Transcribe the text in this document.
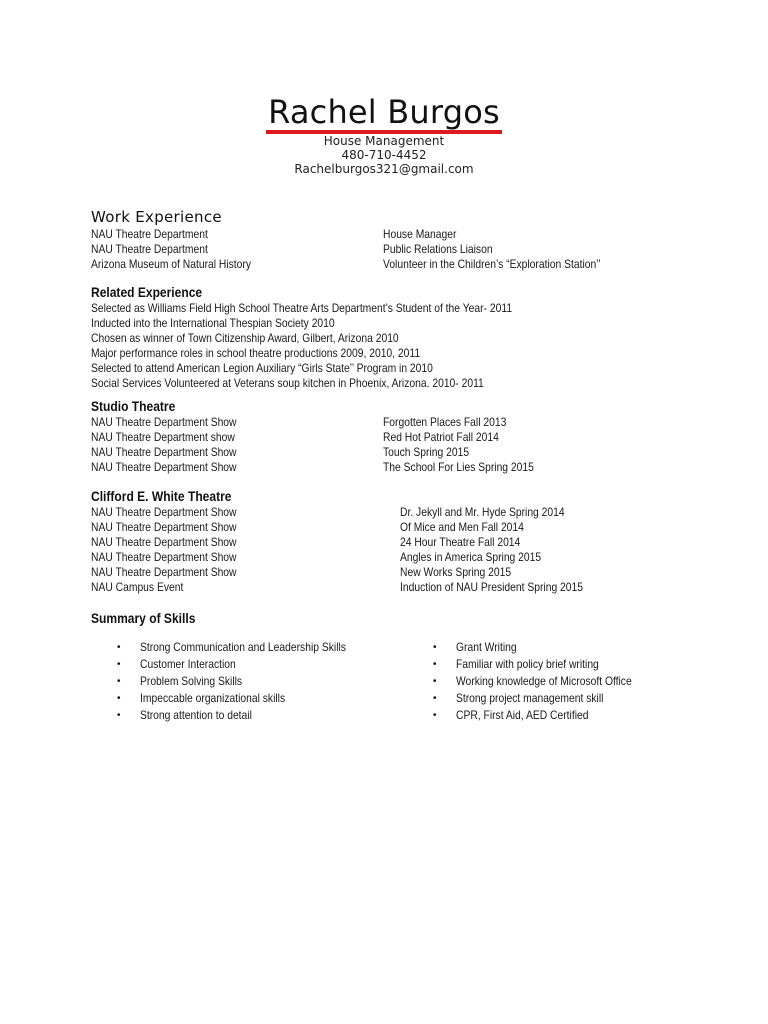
Rachel Burgos
House Management
480-710-4452
Rachelburgos321@gmail.com
Work Experience
NAU Theatre Department	House Manager
NAU Theatre Department	Public Relations Liaison
Arizona Museum of Natural History	Volunteer in the Children’s “Exploration Station’’
Related Experience
Selected as Williams Field High School Theatre Arts Department’s Student of the Year- 2011
Inducted into the International Thespian Society 2010
Chosen as winner of Town Citizenship Award, Gilbert, Arizona 2010
Major performance roles in school theatre productions 2009, 2010, 2011
Selected to attend American Legion Auxiliary “Girls State’’ Program in 2010
Social Services Volunteered at Veterans soup kitchen in Phoenix, Arizona. 2010- 2011
Studio Theatre
NAU Theatre Department Show	Forgotten Places Fall 2013
NAU Theatre Department show	Red Hot Patriot Fall 2014
NAU Theatre Department Show	Touch Spring 2015
NAU Theatre Department Show	The School For Lies Spring 2015
Clifford E. White Theatre
NAU Theatre Department Show	Dr. Jekyll and Mr. Hyde Spring 2014
NAU Theatre Department Show	Of Mice and Men Fall 2014
NAU Theatre Department Show	24 Hour Theatre Fall 2014
NAU Theatre Department Show	Angles in America Spring 2015
NAU Theatre Department Show	New Works Spring 2015
NAU Campus Event	Induction of NAU President Spring 2015
Summary of Skills
• Strong Communication and Leadership Skills
• Customer Interaction
• Problem Solving Skills
• Impeccable organizational skills
• Strong attention to detail
• Grant Writing
• Familiar with policy brief writing
• Working knowledge of Microsoft Office
• Strong project management skill
• CPR, First Aid, AED Certified
